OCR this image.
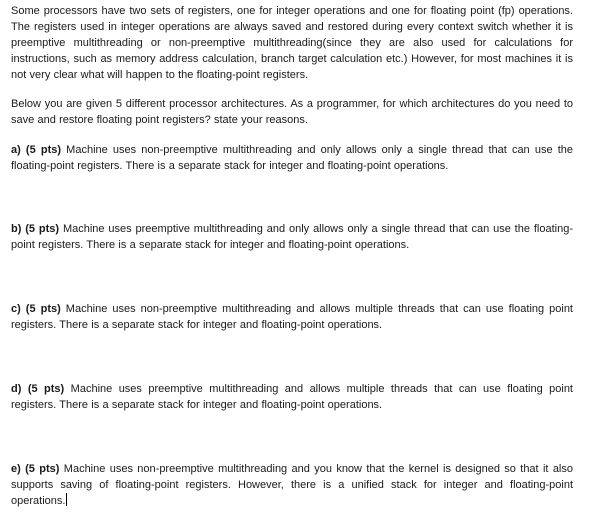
Some processors have two sets of registers, one for integer operations and one for floating point (fp) operations. The registers used in integer operations are always saved and restored during every context switch whether it is preemptive multithreading or non-preemptive multithreading(since they are also used for calculations for instructions, such as memory address calculation, branch target calculation etc.) However, for most machines it is not very clear what will happen to the floating-point registers.

Below you are given 5 different processor architectures. As a programmer, for which architectures do you need to save and restore floating point registers? state your reasons.

a) (5 pts) Machine uses non-preemptive multithreading and only allows only a single thread that can use the floating-point registers. There is a separate stack for integer and floating-point operations.

b) (5 pts) Machine uses preemptive multithreading and only allows only a single thread that can use the floating-point registers. There is a separate stack for integer and floating-point operations.

c) (5 pts) Machine uses non-preemptive multithreading and allows multiple threads that can use floating point registers. There is a separate stack for integer and floating-point operations.

d) (5 pts) Machine uses preemptive multithreading and allows multiple threads that can use floating point registers. There is a separate stack for integer and floating-point operations.

e) (5 pts) Machine uses non-preemptive multithreading and you know that the kernel is designed so that it also supports saving of floating-point registers. However, there is a unified stack for integer and floating-point operations.
